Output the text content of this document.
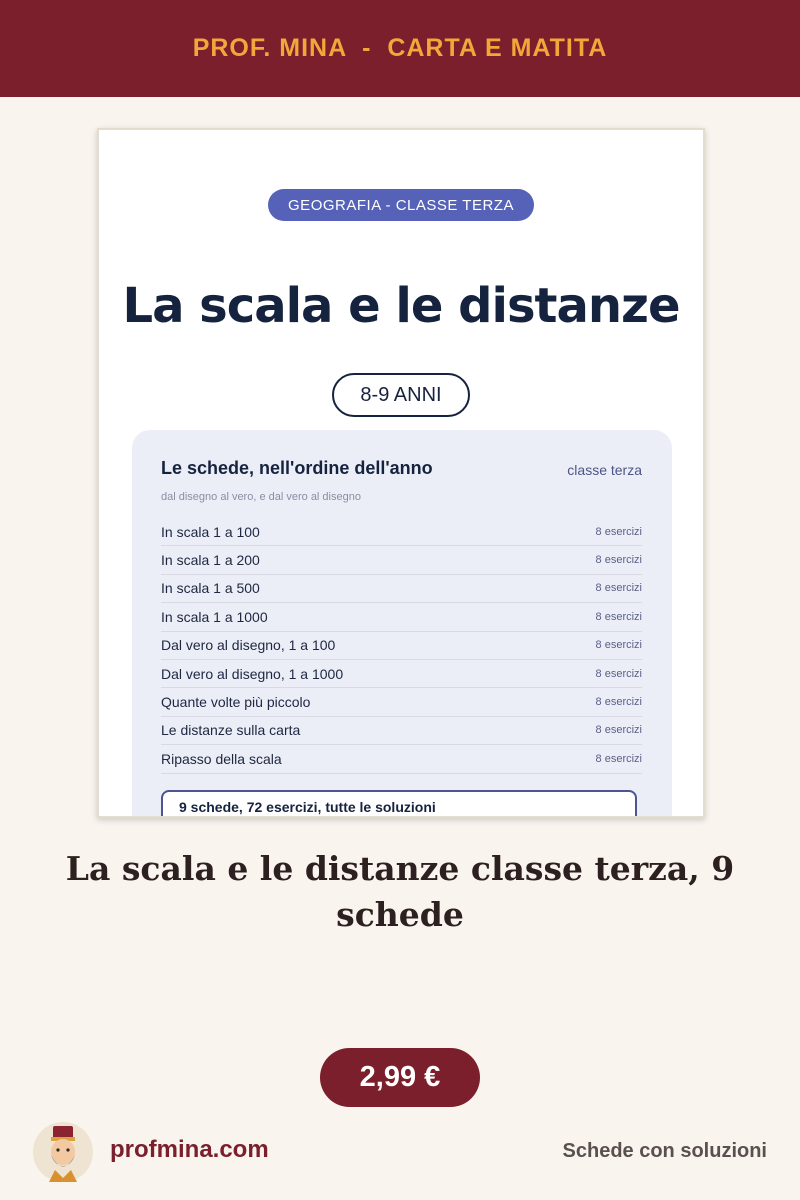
PROF. MINA  -  CARTA E MATITA
GEOGRAFIA - CLASSE TERZA
La scala e le distanze
8-9 ANNI
Le schede, nell'ordine dell'anno	classe terza
dal disegno al vero, e dal vero al disegno
In scala 1 a 100	8 esercizi
In scala 1 a 200	8 esercizi
In scala 1 a 500	8 esercizi
In scala 1 a 1000	8 esercizi
Dal vero al disegno, 1 a 100	8 esercizi
Dal vero al disegno, 1 a 1000	8 esercizi
Quante volte più piccolo	8 esercizi
Le distanze sulla carta	8 esercizi
Ripasso della scala	8 esercizi
9 schede, 72 esercizi, tutte le soluzioni
La scala e le distanze classe terza, 9 schede
2,99 €
profmina.com	Schede con soluzioni
